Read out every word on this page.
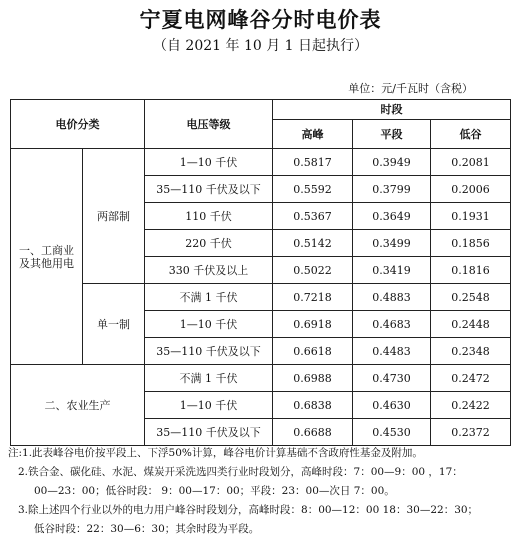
宁夏电网峰谷分时电价表
（自 2021 年 10 月 1 日起执行）
单位：元/千瓦时（含税）
电价分类		电压等级	时段		
			高峰	平段	低谷

一、工商业
及其他用电	两部制	1—10 千伏	0.5817	0.3949	0.2081
		35—110 千伏及以下	0.5592	0.3799	0.2006
		110 千伏	0.5367	0.3649	0.1931
		220 千伏	0.5142	0.3499	0.1856
		330 千伏及以上	0.5022	0.3419	0.1816
	单一制	不满 1 千伏	0.7218	0.4883	0.2548
		1—10 千伏	0.6918	0.4683	0.2448
		35—110 千伏及以下	0.6618	0.4483	0.2348
二、农业生产		不满 1 千伏	0.6988	0.4730	0.2472
		1—10 千伏	0.6838	0.4630	0.2422
		35—110 千伏及以下	0.6688	0.4530	0.2372
注:1.此表峰谷电价按平段上、下浮50%计算，峰谷电价计算基础不含政府性基金及附加。
2.铁合金、碳化硅、水泥、煤炭开采洗选四类行业时段划分，高峰时段：7：00—9：00 ，17：
00—23：00；低谷时段： 9：00—17：00；平段：23：00—次日 7：00。
3.除上述四个行业以外的电力用户峰谷时段划分，高峰时段：8：00—12：00 18：30—22：30；
低谷时段：22：30—6：30；其余时段为平段。
